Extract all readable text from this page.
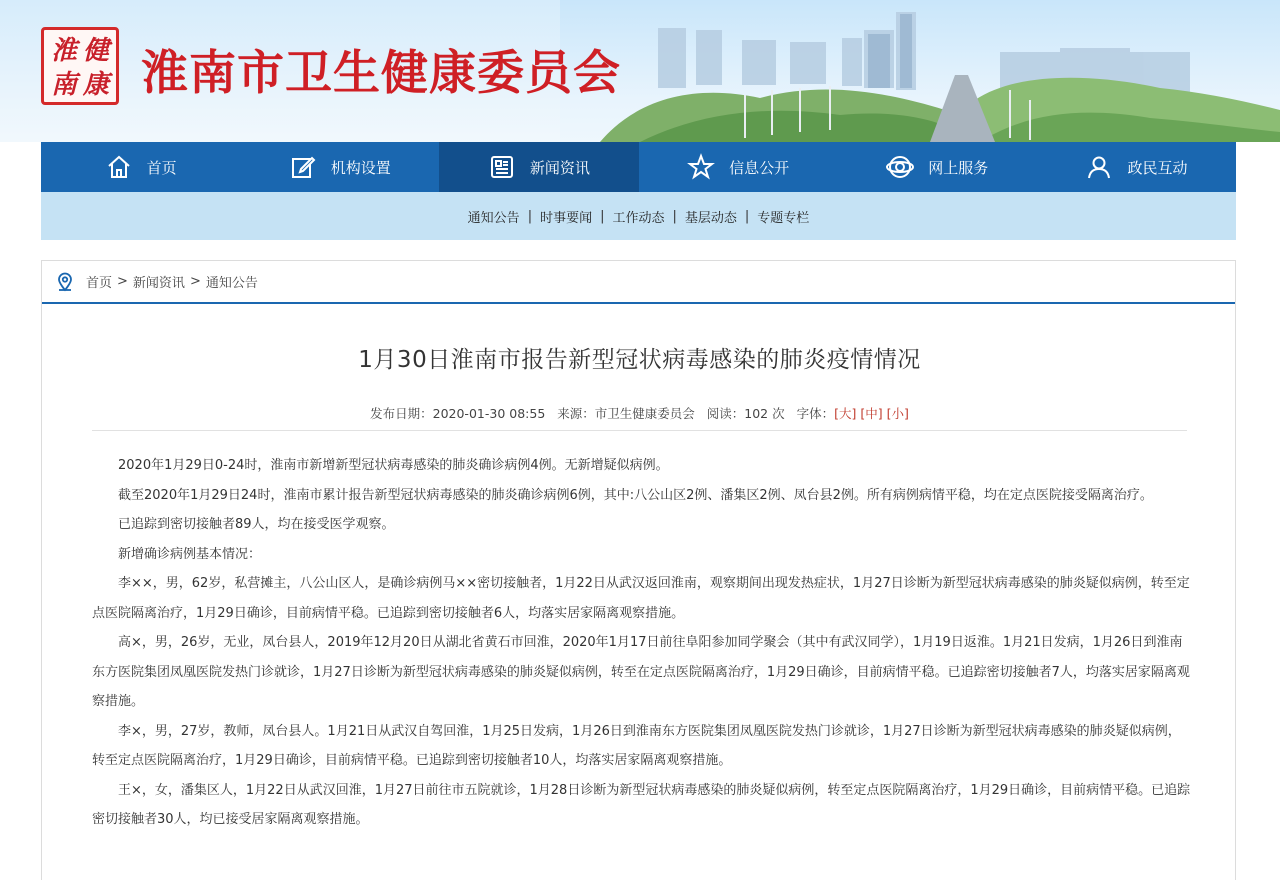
淮 健
南 康 淮南市卫生健康委员会
首页	机构设置	新闻资讯	信息公开	网上服务	政民互动
通知公告 | 时事要闻 | 工作动态 | 基层动态 | 专题专栏
首页 > 新闻资讯 > 通知公告
1月30日淮南市报告新型冠状病毒感染的肺炎疫情情况
发布日期：2020-01-30 08:55 来源：市卫生健康委员会 阅读：102 次 字体：[大] [中] [小]

2020年1月29日0-24时，淮南市新增新型冠状病毒感染的肺炎确诊病例4例。无新增疑似病例。

截至2020年1月29日24时，淮南市累计报告新型冠状病毒感染的肺炎确诊病例6例，其中:八公山区2例、潘集区2例、凤台县2例。所有病例病情平稳，均在定点医院接受隔离治疗。

已追踪到密切接触者89人，均在接受医学观察。

新增确诊病例基本情况：

李××，男，62岁，私营摊主，八公山区人，是确诊病例马××密切接触者，1月22日从武汉返回淮南，观察期间出现发热症状，1月27日诊断为新型冠状病毒感染的肺炎疑似病例，转至定点医院隔离治疗，1月29日确诊，目前病情平稳。已追踪到密切接触者6人，均落实居家隔离观察措施。

高×，男，26岁，无业，凤台县人，2019年12月20日从湖北省黄石市回淮，2020年1月17日前往阜阳参加同学聚会（其中有武汉同学），1月19日返淮。1月21日发病，1月26日到淮南东方医院集团凤凰医院发热门诊就诊，1月27日诊断为新型冠状病毒感染的肺炎疑似病例，转至在定点医院隔离治疗，1月29日确诊，目前病情平稳。已追踪密切接触者7人，均落实居家隔离观察措施。

李×，男，27岁，教师，凤台县人。1月21日从武汉自驾回淮，1月25日发病，1月26日到淮南东方医院集团凤凰医院发热门诊就诊，1月27日诊断为新型冠状病毒感染的肺炎疑似病例，转至定点医院隔离治疗，1月29日确诊，目前病情平稳。已追踪到密切接触者10人，均落实居家隔离观察措施。

王×，女，潘集区人，1月22日从武汉回淮，1月27日前往市五院就诊，1月28日诊断为新型冠状病毒感染的肺炎疑似病例，转至定点医院隔离治疗，1月29日确诊，目前病情平稳。已追踪密切接触者30人，均已接受居家隔离观察措施。
